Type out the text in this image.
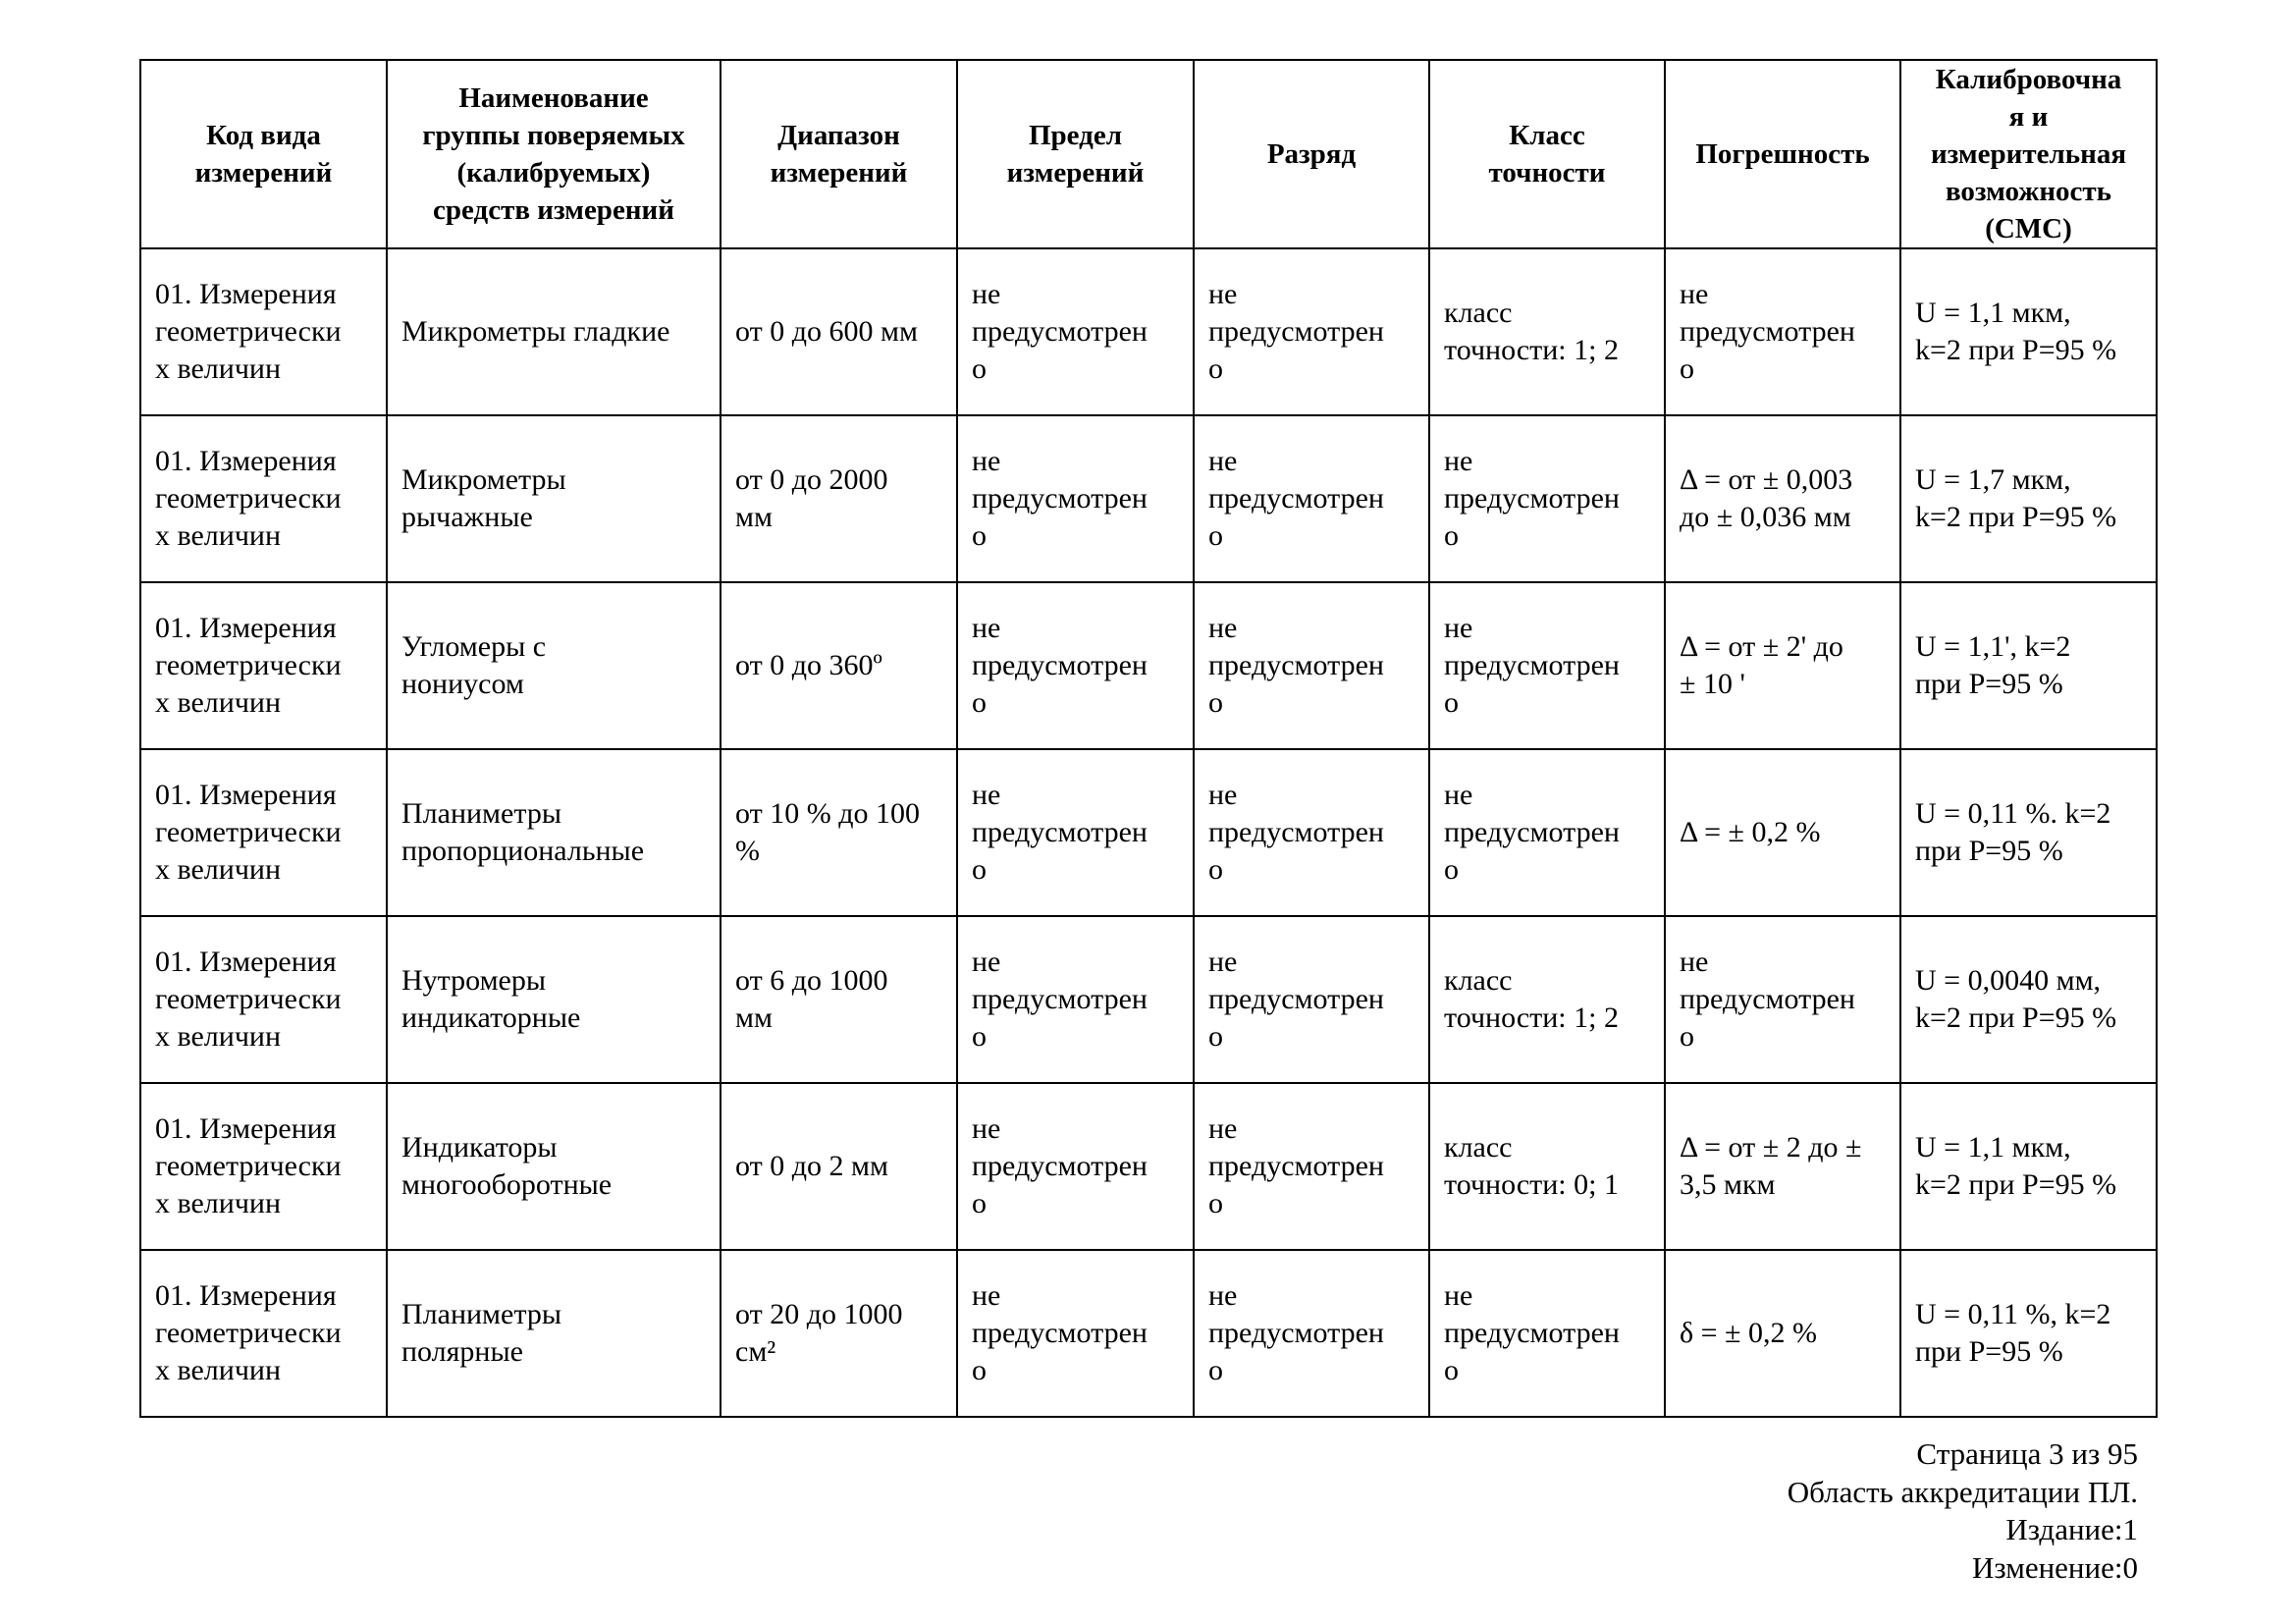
Код вида
измерений	Наименование
группы поверяемых
(калибруемых)
средств измерений	Диапазон
измерений	Предел
измерений	Разряд	Класс
точности	Погрешность	Калибровочна
я и
измерительная
возможность
(СМС)
01. Измерения
геометрически
х величин	Микрометры гладкие	от 0 до 600 мм	не
предусмотрен
о	не
предусмотрен
о	класс
точности: 1; 2	не
предусмотрен
о	U = 1,1 мкм,
k=2 при P=95 %
01. Измерения
геометрически
х величин	Микрометры
рычажные	от 0 до 2000
мм	не
предусмотрен
о	не
предусмотрен
о	не
предусмотрен
о	Δ = от ± 0,003
до ± 0,036 мм	U = 1,7 мкм,
k=2 при P=95 %
01. Измерения
геометрически
х величин	Угломеры с
нониусом	от 0 до 360º	не
предусмотрен
о	не
предусмотрен
о	не
предусмотрен
о	Δ = от ± 2' до
± 10 '	U = 1,1', k=2
при P=95 %
01. Измерения
геометрически
х величин	Планиметры
пропорциональные	от 10 % до 100
%	не
предусмотрен
о	не
предусмотрен
о	не
предусмотрен
о	Δ = ± 0,2 %	U = 0,11 %. k=2
при P=95 %
01. Измерения
геометрически
х величин	Нутромеры
индикаторные	от 6 до 1000
мм	не
предусмотрен
о	не
предусмотрен
о	класс
точности: 1; 2	не
предусмотрен
о	U = 0,0040 мм,
k=2 при P=95 %
01. Измерения
геометрически
х величин	Индикаторы
многооборотные	от 0 до 2 мм	не
предусмотрен
о	не
предусмотрен
о	класс
точности: 0; 1	Δ = от ± 2 до ±
3,5 мкм	U = 1,1 мкм,
k=2 при P=95 %
01. Измерения
геометрически
х величин	Планиметры
полярные	от 20 до 1000
см²	не
предусмотрен
о	не
предусмотрен
о	не
предусмотрен
о	δ = ± 0,2 %	U = 0,11 %, k=2
при P=95 %
Страница 3 из 95
Область аккредитации ПЛ.
Издание:1
Изменение:0
